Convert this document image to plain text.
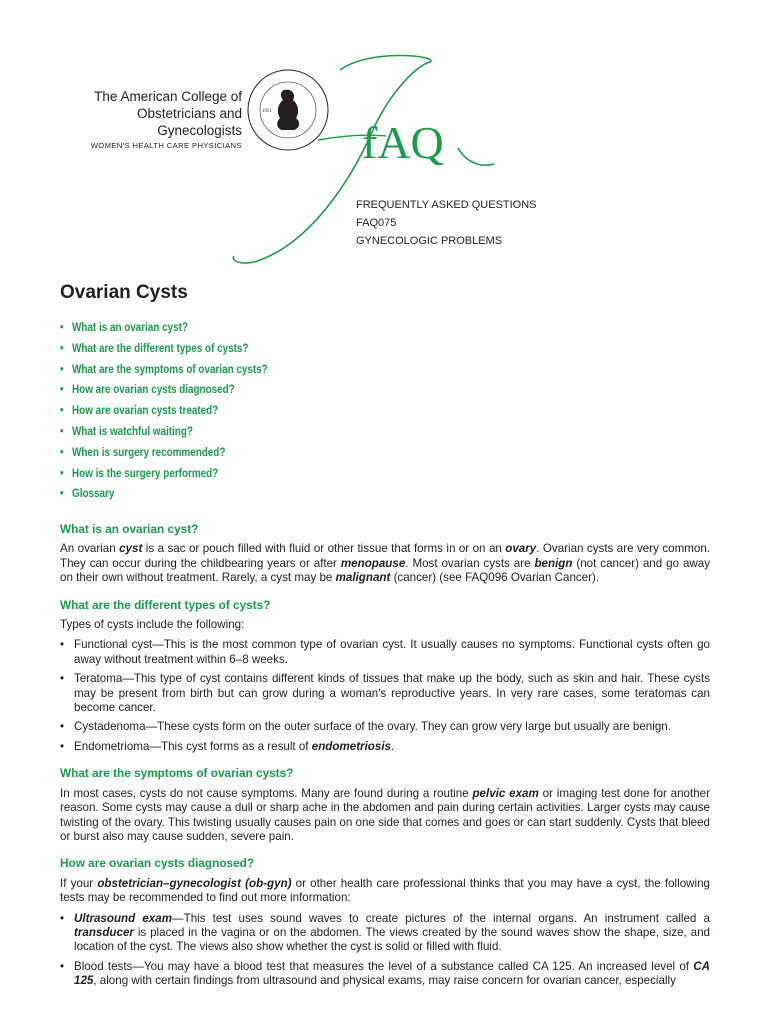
The American College of
Obstetricians and Gynecologists
WOMEN'S HEALTH CARE PHYSICIANS
1951
fAQ
FREQUENTLY ASKED QUESTIONS
FAQ075
GYNECOLOGIC PROBLEMS
Ovarian Cysts
• What is an ovarian cyst?
• What are the different types of cysts?
• What are the symptoms of ovarian cysts?
• How are ovarian cysts diagnosed?
• How are ovarian cysts treated?
• What is watchful waiting?
• When is surgery recommended?
• How is the surgery performed?
• Glossary
What is an ovarian cyst?

An ovarian cyst is a sac or pouch filled with fluid or other tissue that forms in or on an ovary. Ovarian cysts are very common. They can occur during the childbearing years or after menopause. Most ovarian cysts are benign (not cancer) and go away on their own without treatment. Rarely, a cyst may be malignant (cancer) (see FAQ096 Ovarian Cancer).

What are the different types of cysts?

Types of cysts include the following:

• Functional cyst—This is the most common type of ovarian cyst. It usually causes no symptoms. Functional cysts often go away without treatment within 6–8 weeks.
• Teratoma—This type of cyst contains different kinds of tissues that make up the body, such as skin and hair. These cysts may be present from birth but can grow during a woman's reproductive years. In very rare cases, some teratomas can become cancer.
• Cystadenoma—These cysts form on the outer surface of the ovary. They can grow very large but usually are benign.
• Endometrioma—This cyst forms as a result of endometriosis.
What are the symptoms of ovarian cysts?

In most cases, cysts do not cause symptoms. Many are found during a routine pelvic exam or imaging test done for another reason. Some cysts may cause a dull or sharp ache in the abdomen and pain during certain activities. Larger cysts may cause twisting of the ovary. This twisting usually causes pain on one side that comes and goes or can start suddenly. Cysts that bleed or burst also may cause sudden, severe pain.

How are ovarian cysts diagnosed?

If your obstetrician–gynecologist (ob-gyn) or other health care professional thinks that you may have a cyst, the following tests may be recommended to find out more information:

• Ultrasound exam—This test uses sound waves to create pictures of the internal organs. An instrument called a transducer is placed in the vagina or on the abdomen. The views created by the sound waves show the shape, size, and location of the cyst. The views also show whether the cyst is solid or filled with fluid.
• Blood tests—You may have a blood test that measures the level of a substance called CA 125. An increased level of CA 125, along with certain findings from ultrasound and physical exams, may raise concern for ovarian cancer, especially
